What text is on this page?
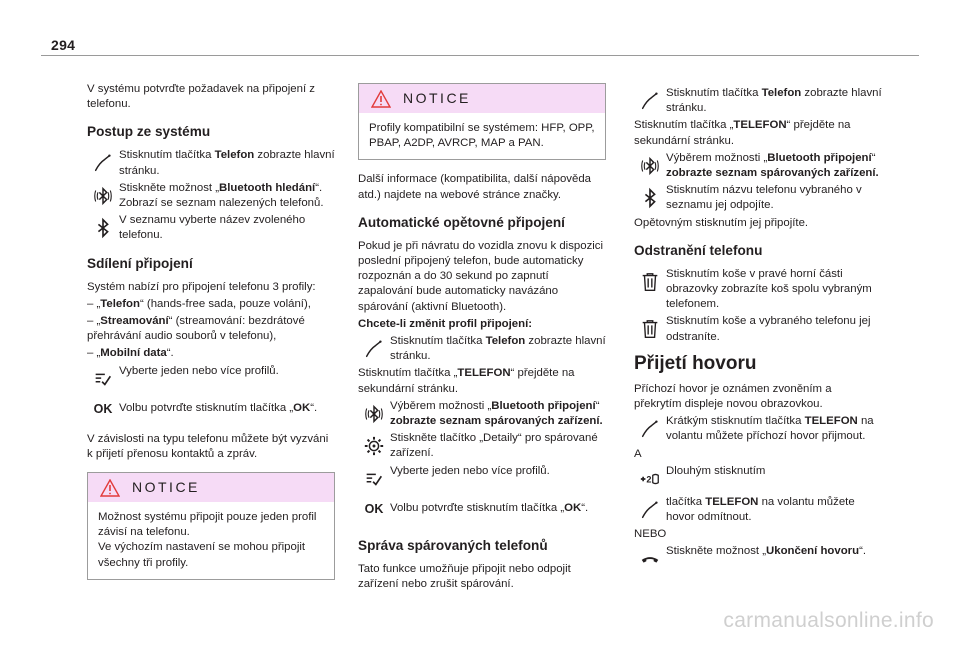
294

V systému potvrďte požadavek na připojení z telefonu.

Postup ze systému
Stisknutím tlačítka Telefon zobrazte hlavní stránku.
Stiskněte možnost „Bluetooth hledání“. Zobrazí se seznam nalezených telefonů.
V seznamu vyberte název zvoleného telefonu.
Sdílení připojení

Systém nabízí pro připojení telefonu 3 profily:

– „Telefon“ (hands-free sada, pouze volání),

– „Streamování“ (streamování: bezdrátové přehrávání audio souborů v telefonu),

– „Mobilní data“.

Vyberte jeden nebo více profilů.
OK Volbu potvrďte stisknutím tlačítka „OK“.

V závislosti na typu telefonu můžete být vyzváni k přijetí přenosu kontaktů a zpráv.

NOTICE
Možnost systému připojit pouze jeden profil závisí na telefonu.
Ve výchozím nastavení se mohou připojit všechny tři profily.
NOTICE
Profily kompatibilní se systémem: HFP, OPP, PBAP, A2DP, AVRCP, MAP a PAN.

Další informace (kompatibilita, další nápověda atd.) najdete na webové stránce značky.

Automatické opětovné připojení

Pokud je při návratu do vozidla znovu k dispozici poslední připojený telefon, bude automaticky rozpoznán a do 30 sekund po zapnutí zapalování bude automaticky navázáno spárování (aktivní Bluetooth).

Chcete-li změnit profil připojení:

Stisknutím tlačítka Telefon zobrazte hlavní stránku.

Stisknutím tlačítka „TELEFON“ přejděte na sekundární stránku.

Výběrem možnosti „Bluetooth připojení“ zobrazte seznam spárovaných zařízení.
Stiskněte tlačítko „Detaily“ pro spárované zařízení.
Vyberte jeden nebo více profilů.
OK Volbu potvrďte stisknutím tlačítka „OK“.
Správa spárovaných telefonů

Tato funkce umožňuje připojit nebo odpojit zařízení nebo zrušit spárování.

Stisknutím tlačítka Telefon zobrazte hlavní stránku.

Stisknutím tlačítka „TELEFON“ přejděte na sekundární stránku.

Výběrem možnosti „Bluetooth připojení“ zobrazte seznam spárovaných zařízení.
Stisknutím názvu telefonu vybraného v seznamu jej odpojíte.

Opětovným stisknutím jej připojíte.

Odstranění telefonu
Stisknutím koše v pravé horní části obrazovky zobrazíte koš spolu vybraným telefonem.
Stisknutím koše a vybraného telefonu jej odstraníte.
Přijetí hovoru

Příchozí hovor je oznámen zvoněním a překrytím displeje novou obrazovkou.

Krátkým stisknutím tlačítka TELEFON na volantu můžete příchozí hovor přijmout.

A

2
Dlouhým stisknutím
tlačítka TELEFON na volantu můžete hovor odmítnout.

NEBO

Stiskněte možnost „Ukončení hovoru“.
carmanualsonline.info
